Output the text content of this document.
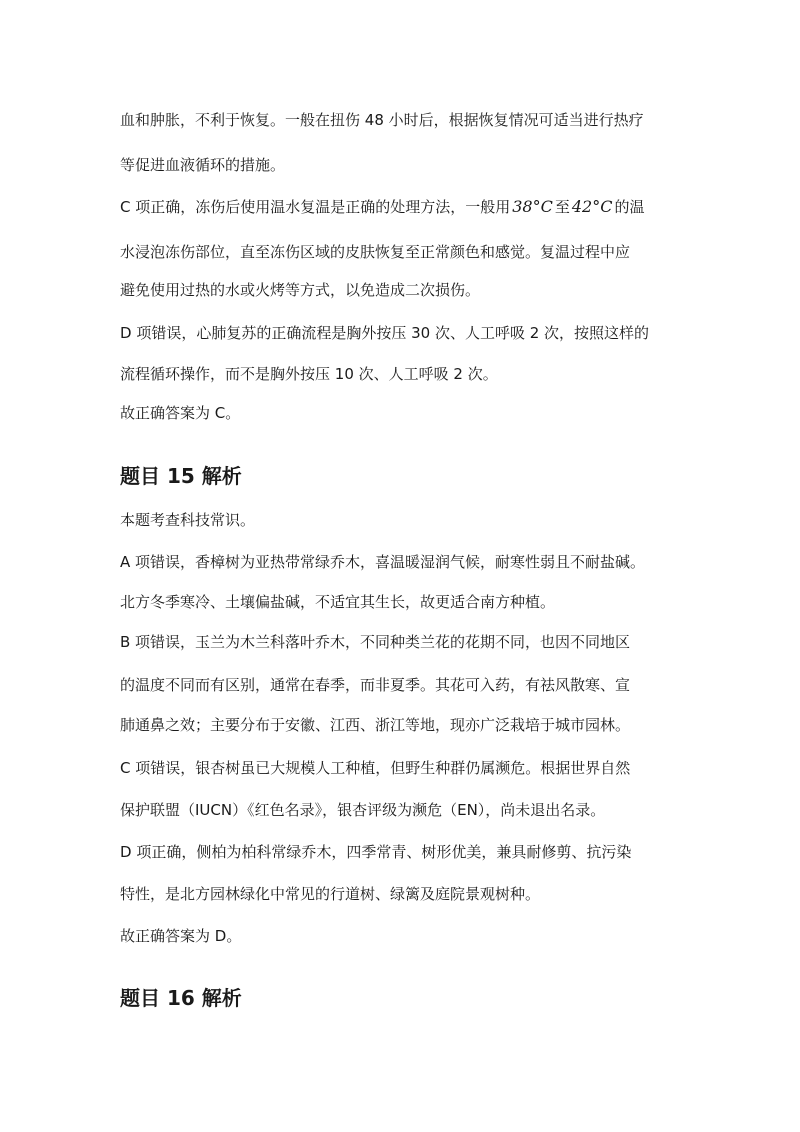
血和肿胀，不利于恢复。一般在扭伤 48 小时后，根据恢复情况可适当进行热疗
等促进血液循环的措施。
C 项正确，冻伤后使用温水复温是正确的处理方法，一般用 38°C 至 42°C 的温
水浸泡冻伤部位，直至冻伤区域的皮肤恢复至正常颜色和感觉。复温过程中应
避免使用过热的水或火烤等方式，以免造成二次损伤。
D 项错误，心肺复苏的正确流程是胸外按压 30 次、人工呼吸 2 次，按照这样的
流程循环操作，而不是胸外按压 10 次、人工呼吸 2 次。
故正确答案为 C。
题目 15 解析
本题考查科技常识。
A 项错误，香樟树为亚热带常绿乔木，喜温暖湿润气候，耐寒性弱且不耐盐碱。
北方冬季寒冷、土壤偏盐碱，不适宜其生长，故更适合南方种植。
B 项错误，玉兰为木兰科落叶乔木，不同种类兰花的花期不同，也因不同地区
的温度不同而有区别，通常在春季，而非夏季。其花可入药，有祛风散寒、宣
肺通鼻之效；主要分布于安徽、江西、浙江等地，现亦广泛栽培于城市园林。
C 项错误，银杏树虽已大规模人工种植，但野生种群仍属濒危。根据世界自然
保护联盟（IUCN）《红色名录》，银杏评级为濒危（EN），尚未退出名录。
D 项正确，侧柏为柏科常绿乔木，四季常青、树形优美，兼具耐修剪、抗污染
特性，是北方园林绿化中常见的行道树、绿篱及庭院景观树种。
故正确答案为 D。
题目 16 解析
